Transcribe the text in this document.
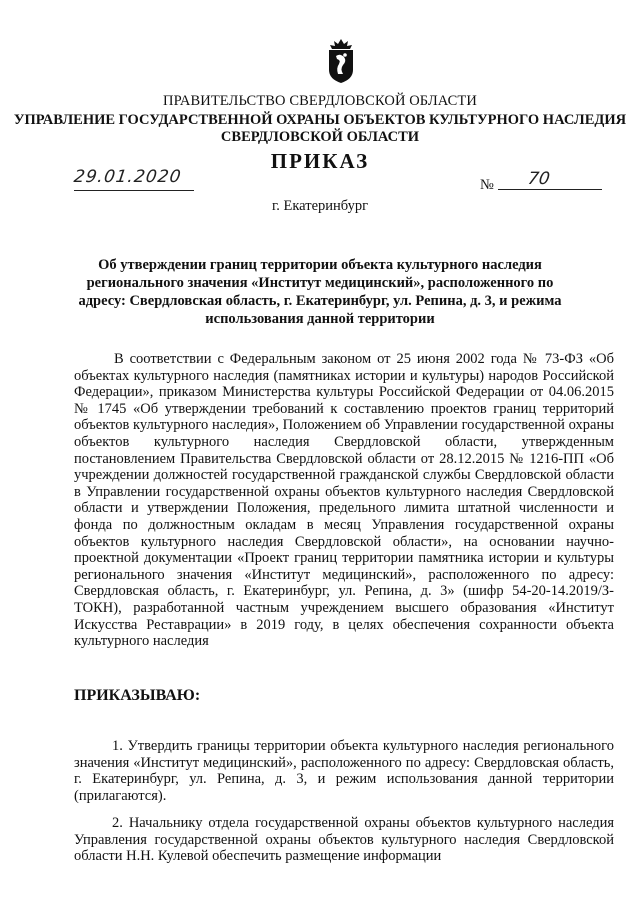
ПРАВИТЕЛЬСТВО СВЕРДЛОВСКОЙ ОБЛАСТИ
УПРАВЛЕНИЕ ГОСУДАРСТВЕННОЙ ОХРАНЫ ОБЪЕКТОВ КУЛЬТУРНОГО НАСЛЕДИЯ
СВЕРДЛОВСКОЙ ОБЛАСТИ
ПРИКАЗ
29.01.2020	№ 70
г. Екатеринбург
Об утверждении границ территории объекта культурного наследия регионального значения «Институт медицинский», расположенного по адресу: Свердловская область, г. Екатеринбург, ул. Репина, д. 3, и режима использования данной территории
В соответствии с Федеральным законом от 25 июня 2002 года № 73-ФЗ «Об объектах культурного наследия (памятниках истории и культуры) народов Российской Федерации», приказом Министерства культуры Российской Федерации от 04.06.2015 № 1745 «Об утверждении требований к составлению проектов границ территорий объектов культурного наследия», Положением об Управлении государственной охраны объектов культурного наследия Свердловской области, утвержденным постановлением Правительства Свердловской области от 28.12.2015 № 1216-ПП «Об учреждении должностей государственной гражданской службы Свердловской области в Управлении государственной охраны объектов культурного наследия Свердловской области и утверждении Положения, предельного лимита штатной численности и фонда по должностным окладам в месяц Управления государственной охраны объектов культурного наследия Свердловской области», на основании научно-проектной документации «Проект границ территории памятника истории и культуры регионального значения «Институт медицинский», расположенного по адресу: Свердловская область, г. Екатеринбург, ул. Репина, д. 3» (шифр 54-20-14.2019/З-ТОКН), разработанной частным учреждением высшего образования «Институт Искусства Реставрации» в 2019 году, в целях обеспечения сохранности объекта культурного наследия
ПРИКАЗЫВАЮ:
1. Утвердить границы территории объекта культурного наследия регионального значения «Институт медицинский», расположенного по адресу: Свердловская область, г. Екатеринбург, ул. Репина, д. 3, и режим использования данной территории (прилагаются).
2. Начальнику отдела государственной охраны объектов культурного наследия Управления государственной охраны объектов культурного наследия Свердловской области Н.Н. Кулевой обеспечить размещение информации
